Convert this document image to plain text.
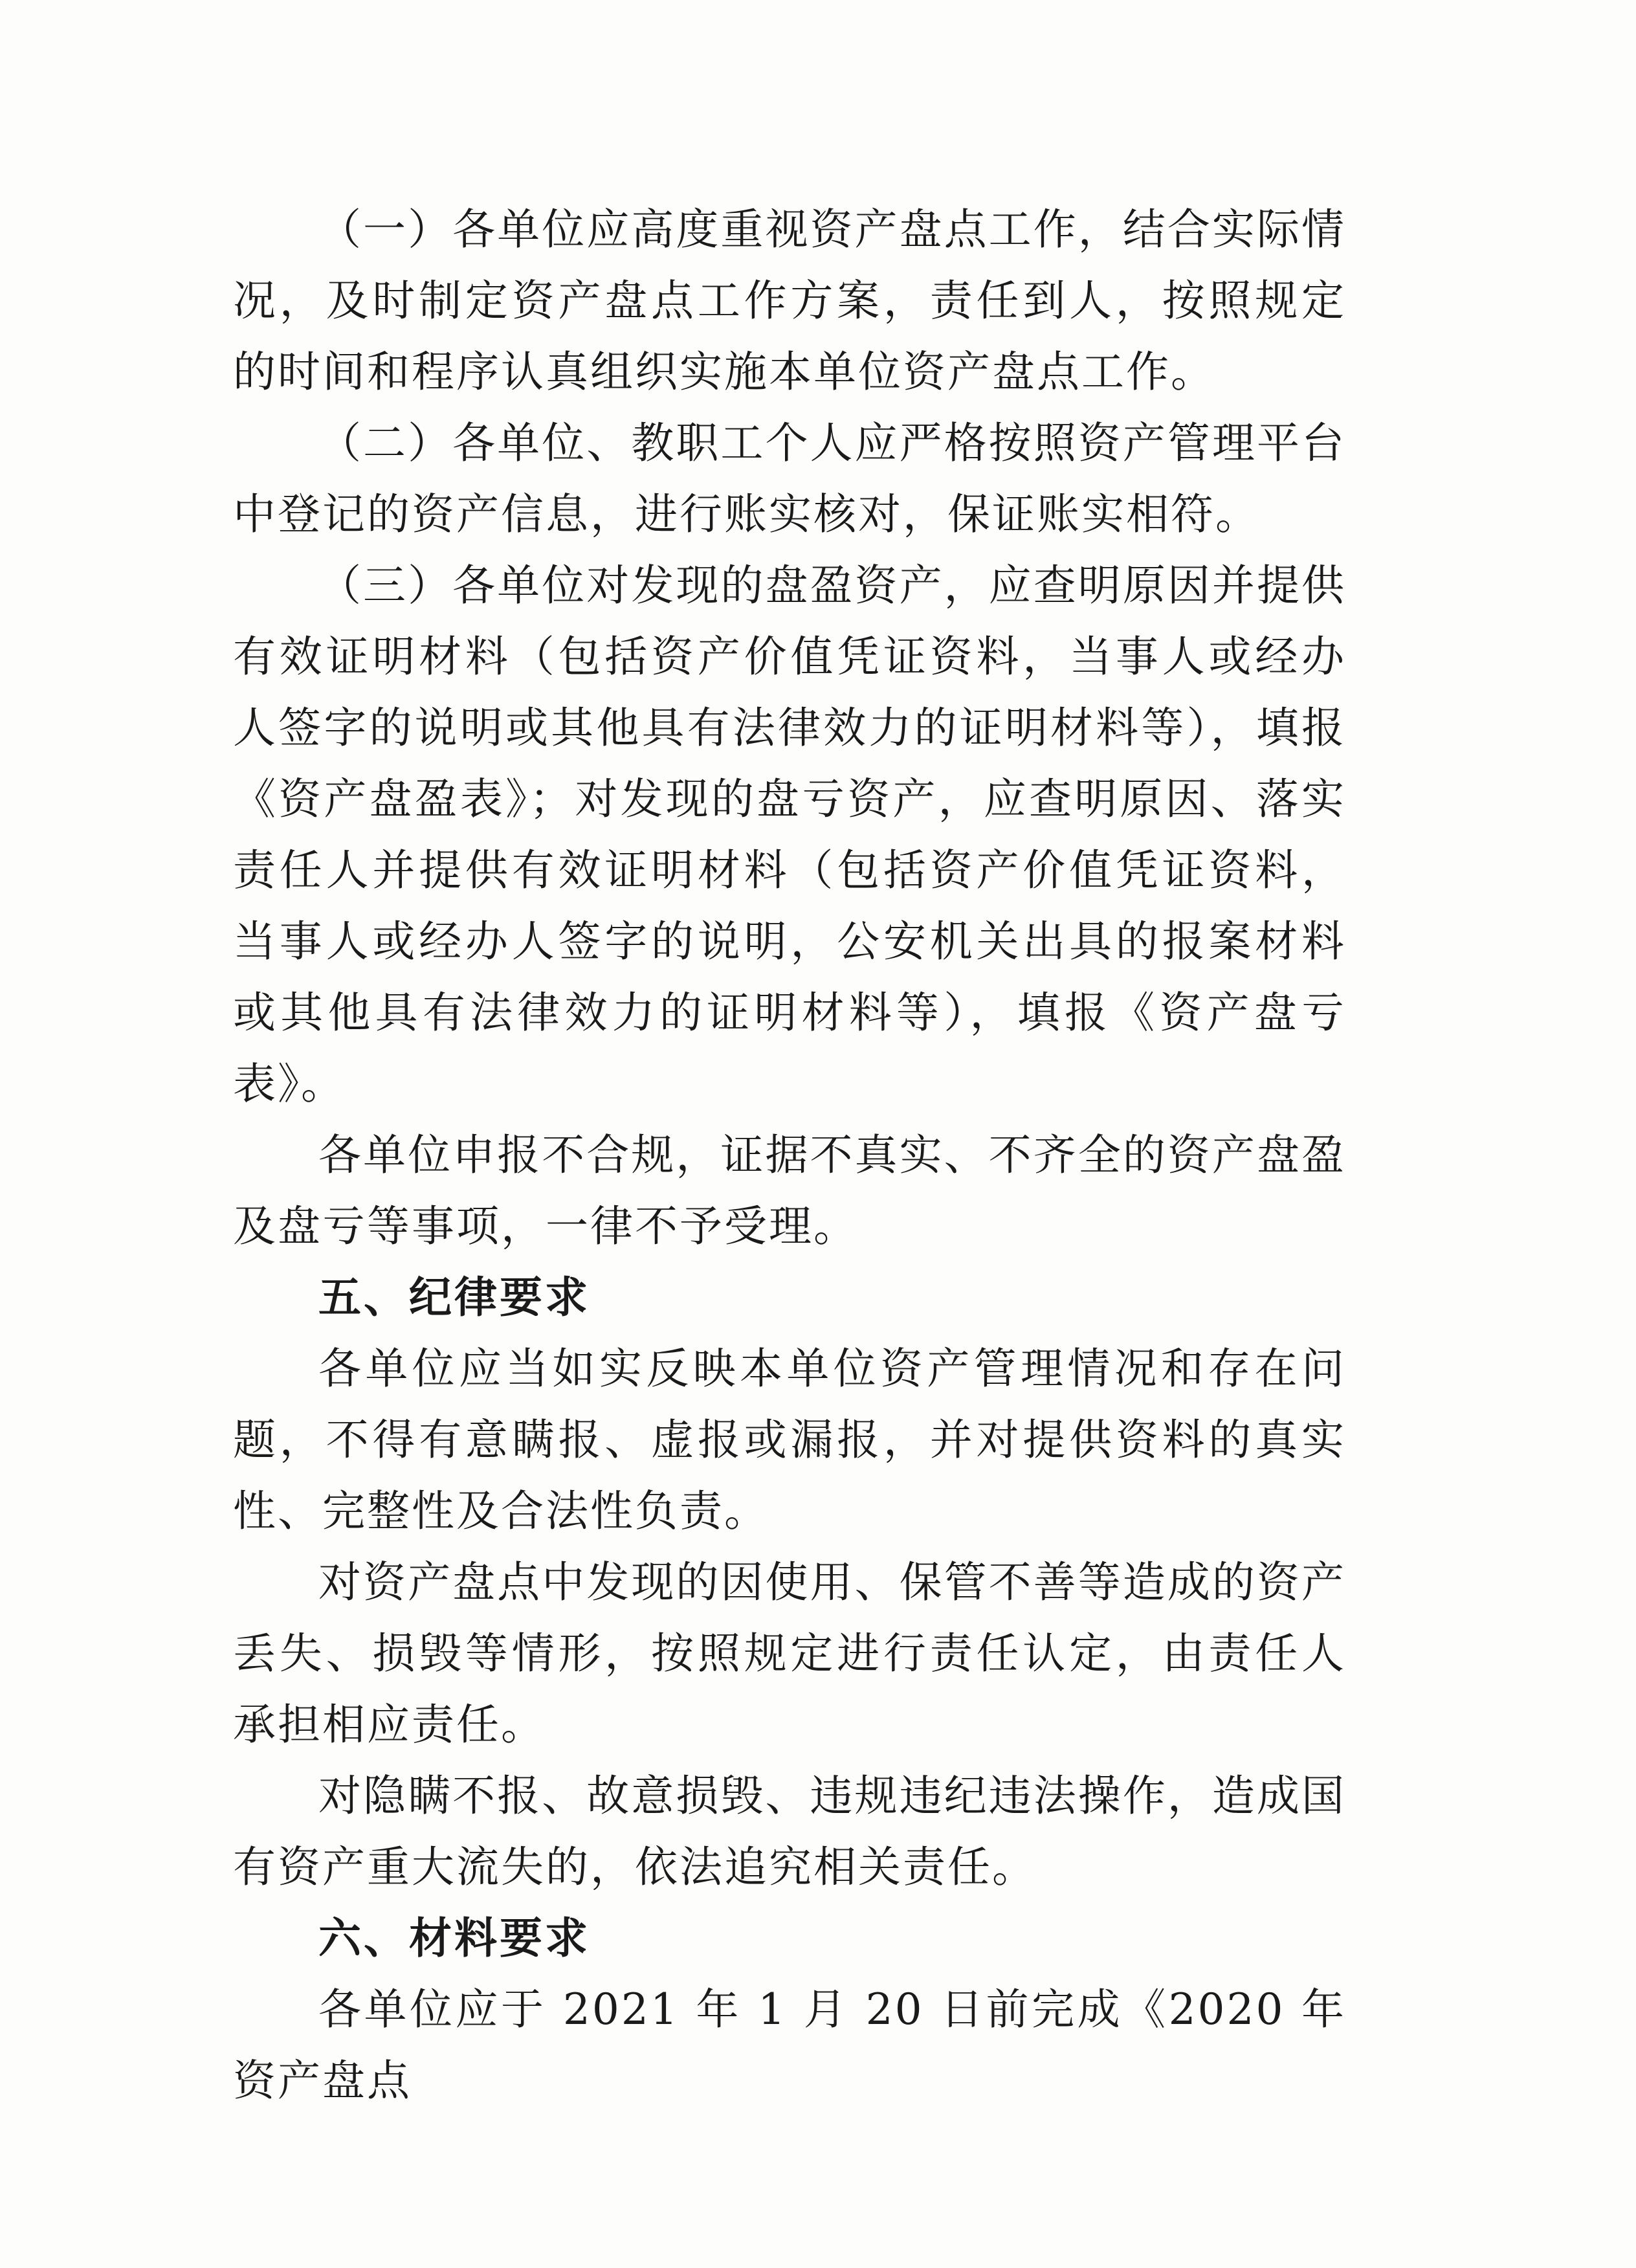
（一）各单位应高度重视资产盘点工作，结合实际情况，及时制定资产盘点工作方案，责任到人，按照规定的时间和程序认真组织实施本单位资产盘点工作。

（二）各单位、教职工个人应严格按照资产管理平台中登记的资产信息，进行账实核对，保证账实相符。

（三）各单位对发现的盘盈资产，应查明原因并提供有效证明材料（包括资产价值凭证资料，当事人或经办人签字的说明或其他具有法律效力的证明材料等），填报《资产盘盈表》；对发现的盘亏资产，应查明原因、落实责任人并提供有效证明材料（包括资产价值凭证资料，当事人或经办人签字的说明，公安机关出具的报案材料或其他具有法律效力的证明材料等），填报《资产盘亏表》。

各单位申报不合规，证据不真实、不齐全的资产盘盈及盘亏等事项，一律不予受理。

五、纪律要求

各单位应当如实反映本单位资产管理情况和存在问题，不得有意瞒报、虚报或漏报，并对提供资料的真实性、完整性及合法性负责。

对资产盘点中发现的因使用、保管不善等造成的资产丢失、损毁等情形，按照规定进行责任认定，由责任人承担相应责任。

对隐瞒不报、故意损毁、违规违纪违法操作，造成国有资产重大流失的，依法追究相关责任。

六、材料要求

各单位应于 2021 年 1 月 20 日前完成《2020 年资产盘点
